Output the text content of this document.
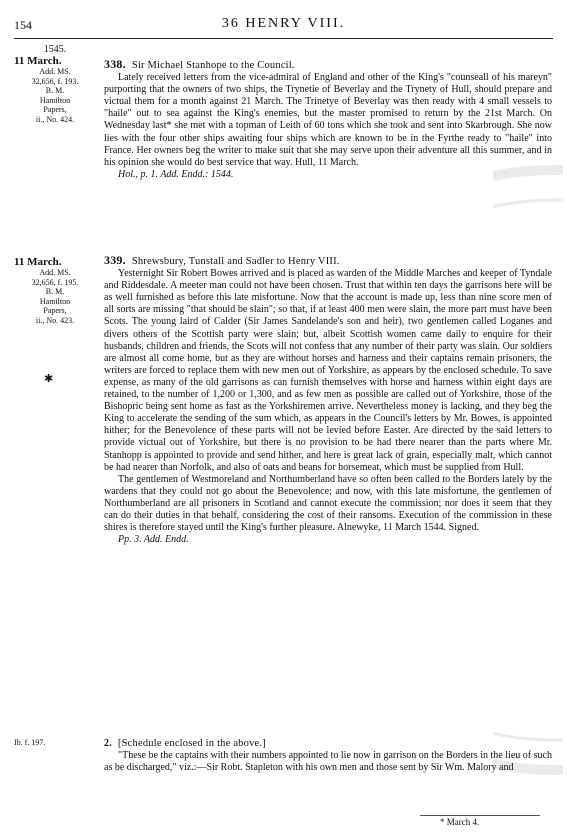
154	36 HENRY VIII.
1545.
11 March.
Add. MS.
32,656, f. 193.
B. M.
Hamilton
Papers,
ii., No. 424.
338. Sir Michael Stanhope to the Council.

Lately received letters from the vice-admiral of England and other of the King's "counseall of his mareyn" purporting that the owners of two ships, the Trynetie of Beverlay and the Trynety of Hull, should prepare and victual them for a month against 21 March. The Trinetye of Beverlay was then ready with 4 small vessels to "haile" out to sea against the King's enemies, but the master promised to return by the 21st March. On Wednesday last* she met with a topman of Leith of 60 tons which she took and sent into Skarbrough. She now lies with the four other ships awaiting four ships which are known to be in the Fyrthe ready to "haile" into France. Her owners beg the writer to make suit that she may serve upon their adventure all this summer, and in his opinion she would do best service that way. Hull, 11 March.

Hol., p. 1. Add. Endd.: 1544.
11 March.
Add. MS.
32,656, f. 195.
B. M.
Hamilton
Papers,
ii., No. 423.
✱
339. Shrewsbury, Tunstall and Sadler to Henry VIII.

Yesternight Sir Robert Bowes arrived and is placed as warden of the Middle Marches and keeper of Tyndale and Riddesdale. A meeter man could not have been chosen. Trust that within ten days the garrisons here will be as well furnished as before this late misfortune. Now that the account is made up, less than nine score men of all sorts are missing "that should be slain"; so that, if at least 400 men were slain, the more part must have been Scots. The young laird of Calder (Sir James Sandelande's son and heir), two gentlemen called Loganes and divers others of the Scottish party were slain; but, albeit Scottish women came daily to enquire for their husbands, children and friends, the Scots will not confess that any number of their party was slain. Our soldiers are almost all come home, but as they are without horses and harness and their captains remain prisoners, the writers are forced to replace them with new men out of Yorkshire, as appears by the enclosed schedule. To save expense, as many of the old garrisons as can furnish themselves with horse and harness within eight days are retained, to the number of 1,200 or 1,300, and as few men as possible are called out of Yorkshire, those of the Bishopric being sent home as fast as the Yorkshiremen arrive. Nevertheless money is lacking, and they beg the King to accelerate the sending of the sum which, as appears in the Council's letters by Mr. Bowes, is appointed hither; for the Benevolence of these parts will not be levied before Easter. Are directed by the said letters to provide victual out of Yorkshire, but there is no provision to be had there nearer than the parts where Mr. Stanhopp is appointed to provide and send hither, and here is great lack of grain, especially malt, which cannot be had nearer than Norfolk, and also of oats and beans for horsemeat, which must be supplied from Hull.

The gentlemen of Westmoreland and Northumberland have so often been called to the Borders lately by the wardens that they could not go about the Benevolence; and now, with this late misfortune, the gentlemen of Northumberland are all prisoners in Scotland and cannot execute the commission; nor does it seem that they can do their duties in that behalf, considering the cost of their ransoms. Execution of the commission in these shires is therefore stayed until the King's further pleasure. Alnewyke, 11 March 1544. Signed.

Pp. 3. Add. Endd.
Ib. f. 197.	2. [Schedule enclosed in the above.]

"These be the captains with their numbers appointed to lie now in garrison on the Borders in the lieu of such as be discharged," viz.:—Sir Robt. Stapleton with his own men and those sent by Sir Wm. Malory and

* March 4.
